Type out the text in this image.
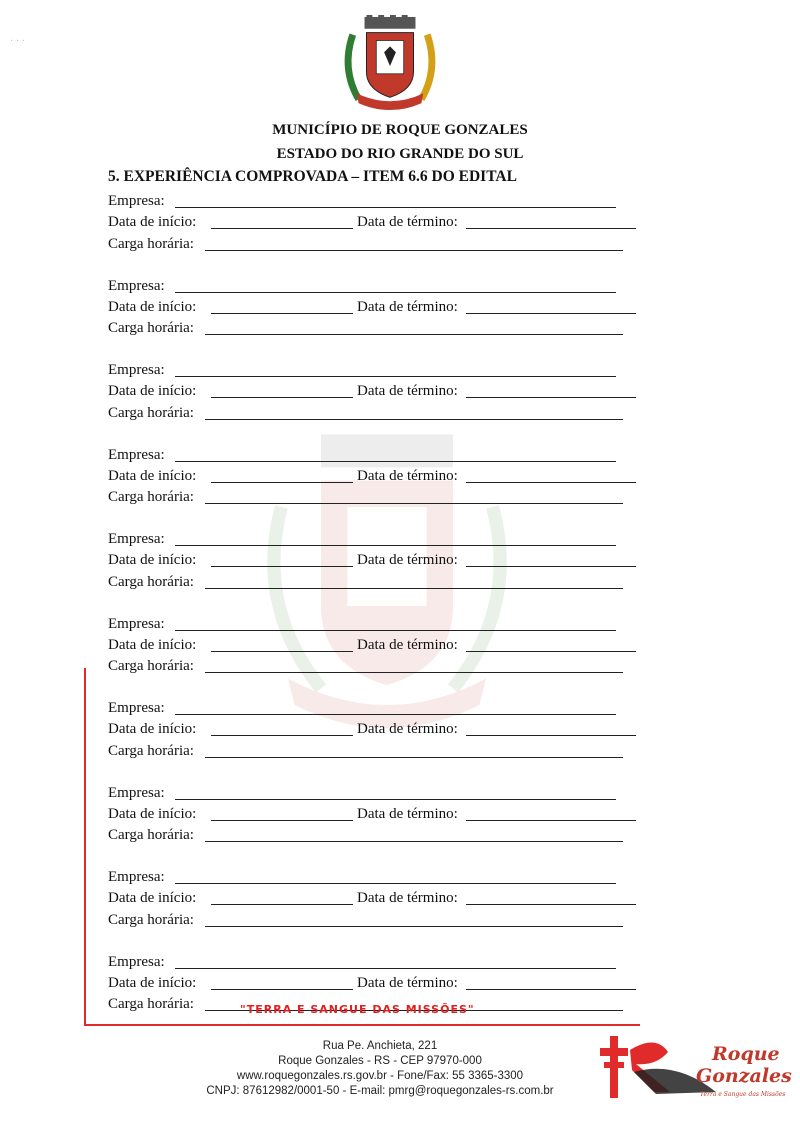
· · ·
MUNICÍPIO DE ROQUE GONZALES
ESTADO DO RIO GRANDE DO SUL
5. EXPERIÊNCIA COMPROVADA – ITEM 6.6 DO EDITAL
Empresa:
Data de início:	Data de término:
Carga horária:
Empresa:
Data de início:	Data de término:
Carga horária:
Empresa:
Data de início:	Data de término:
Carga horária:
Empresa:
Data de início:	Data de término:
Carga horária:
Empresa:
Data de início:	Data de término:
Carga horária:
Empresa:
Data de início:	Data de término:
Carga horária:
Empresa:
Data de início:	Data de término:
Carga horária:
Empresa:
Data de início:	Data de término:
Carga horária:
Empresa:
Data de início:	Data de término:
Carga horária:
Empresa:
Data de início:	Data de término:
Carga horária:	"TERRA E SANGUE DAS MISSÕES"
Rua Pe. Anchieta, 221
Roque Gonzales - RS - CEP 97970-000
www.roquegonzales.rs.gov.br - Fone/Fax: 55 3365-3300
CNPJ: 87612982/0001-50 - E-mail: pmrg@roquegonzales-rs.com.br
Roque
Gonzales
Terra e Sangue das Missões
